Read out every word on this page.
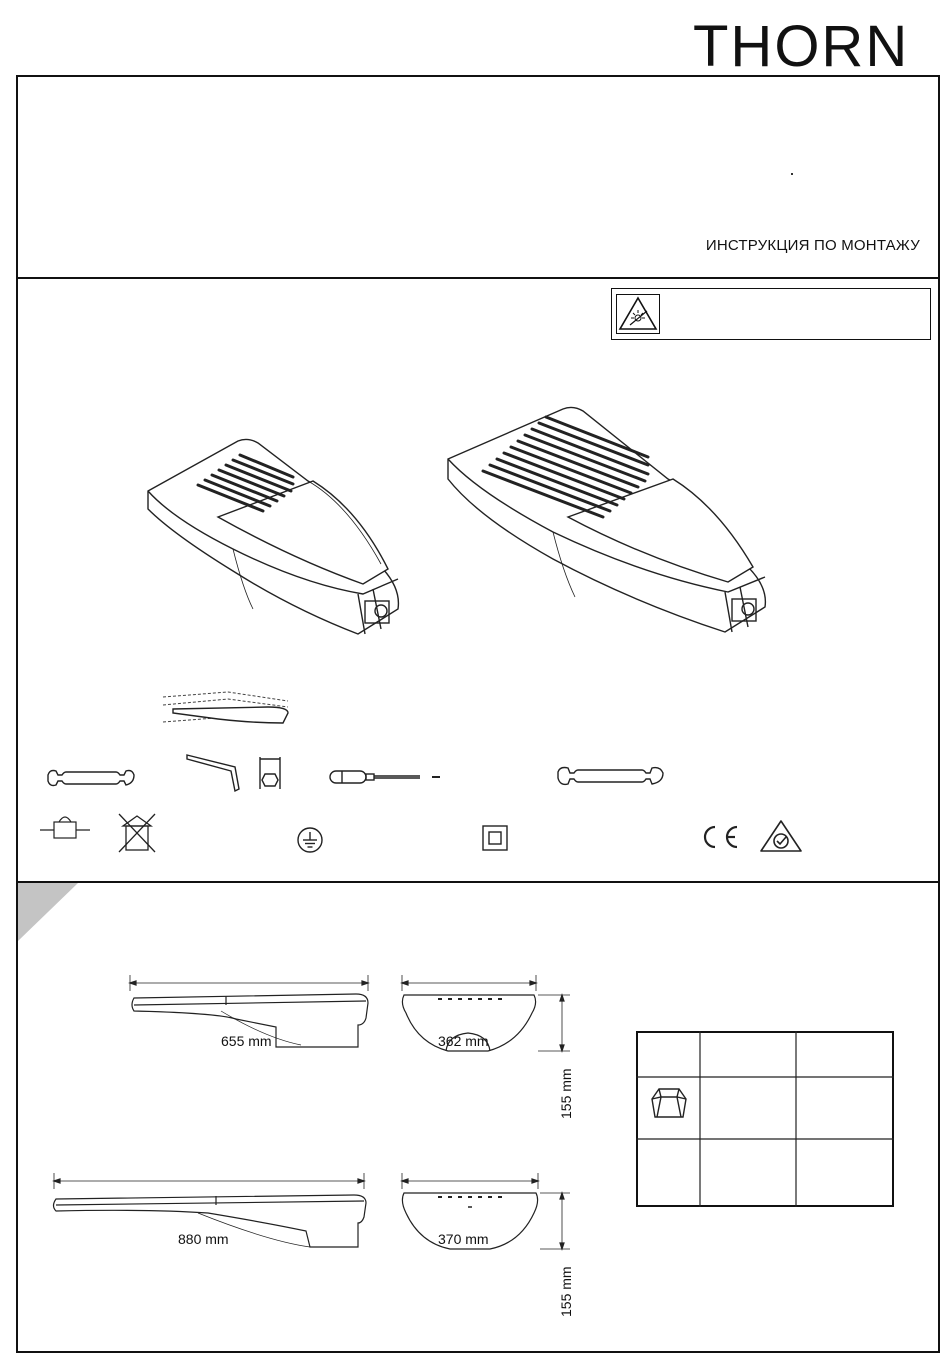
THORN
ИНСТРУКЦИЯ ПО МОНТАЖУ
655 mm	362 mm
155 mm
880 mm	370 mm
155 mm
